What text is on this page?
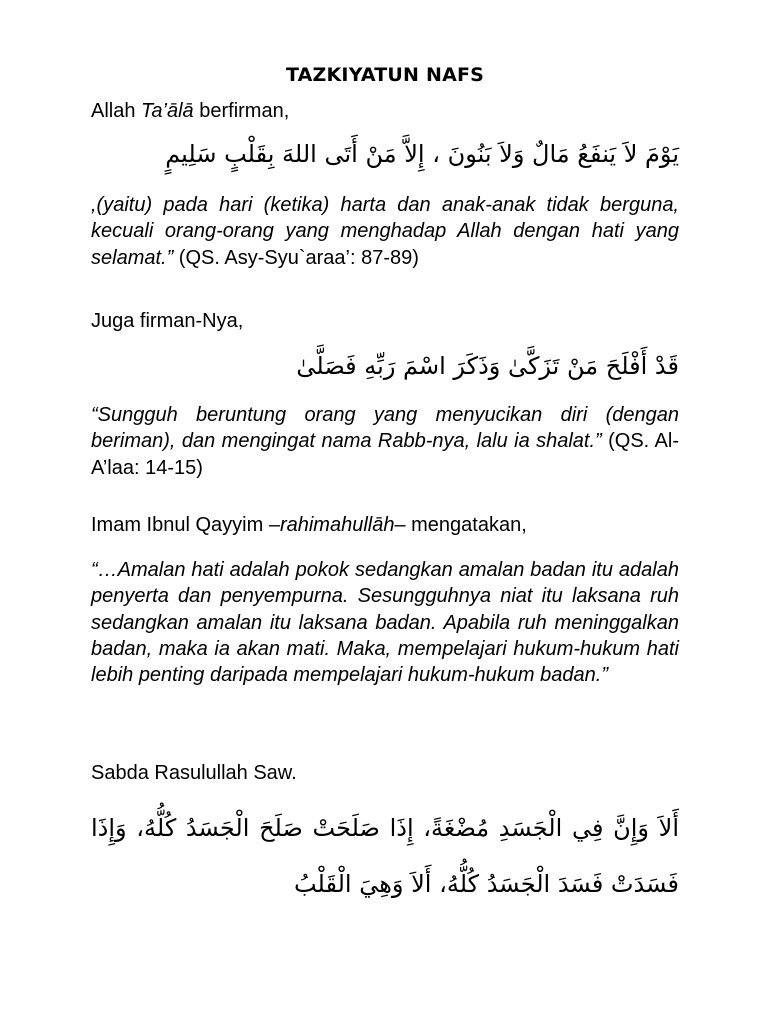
TAZKIYATUN NAFS
Allah Ta’ālā berfirman,
يَوْمَ لاَ يَنفَعُ مَالٌ وَلاَ بَنُونَ ، إِلاَّ مَنْ أَتَى اللهَ بِقَلْبٍ سَلِيمٍ
,(yaitu) pada hari (ketika) harta dan anak-anak tidak berguna, kecuali orang-orang yang menghadap Allah dengan hati yang selamat.” (QS. Asy-Syu`araa’: 87-89)
Juga firman-Nya,
قَدْ أَفْلَحَ مَنْ تَزَكَّىٰ وَذَكَرَ اسْمَ رَبِّهِ فَصَلَّىٰ
“Sungguh beruntung orang yang menyucikan diri (dengan beriman), dan mengingat nama Rabb-nya, lalu ia shalat.” (QS. Al-A’laa: 14-15)
Imam Ibnul Qayyim –rahimahullāh– mengatakan,
“…Amalan hati adalah pokok sedangkan amalan badan itu adalah penyerta dan penyempurna. Sesungguhnya niat itu laksana ruh sedangkan amalan itu laksana badan. Apabila ruh meninggalkan badan, maka ia akan mati. Maka, mempelajari hukum-hukum hati lebih penting daripada mempelajari hukum-hukum badan.”
Sabda Rasulullah Saw.
أَلاَ وَإِنَّ فِي الْجَسَدِ مُضْغَةً، إِذَا صَلَحَتْ صَلَحَ الْجَسَدُ كُلُّهُ، وَإِذَا فَسَدَتْ فَسَدَ الْجَسَدُ كُلُّهُ، أَلاَ وَهِيَ الْقَلْبُ
